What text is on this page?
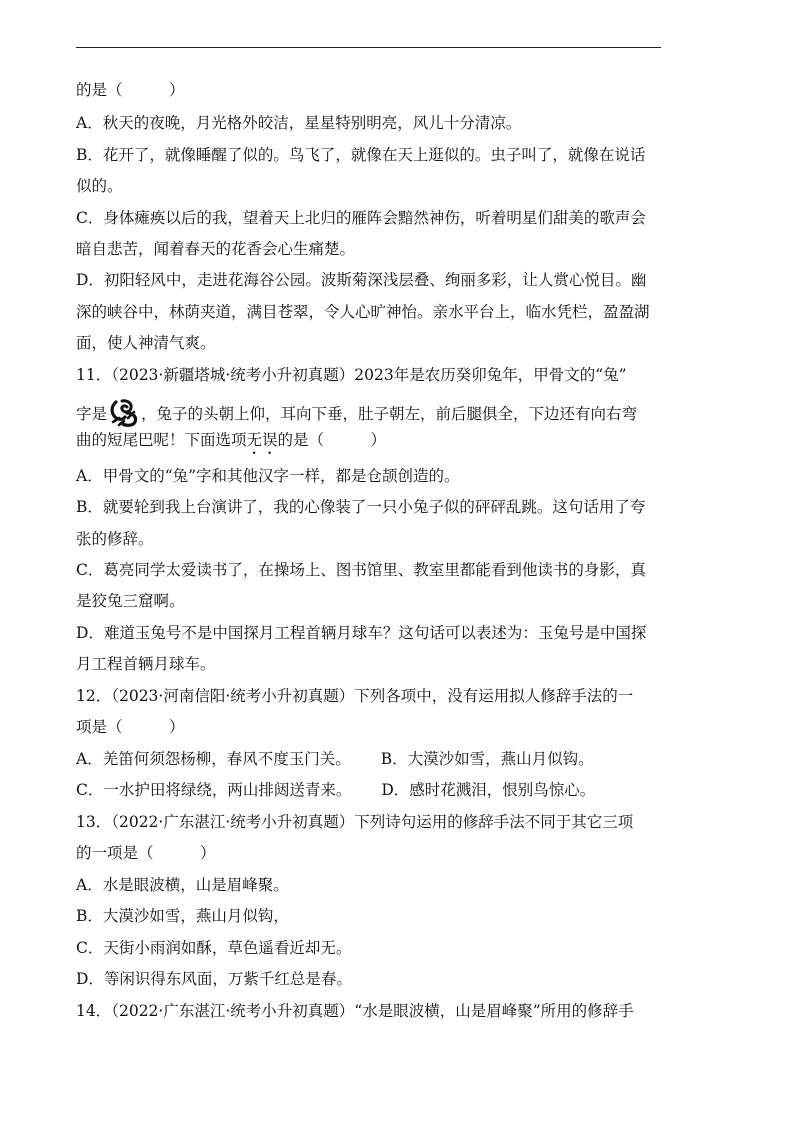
的是（　　　）
A．秋天的夜晚，月光格外皎洁，星星特别明亮，风儿十分清凉。
B．花开了，就像睡醒了似的。鸟飞了，就像在天上逛似的。虫子叫了，就像在说话
似的。
C．身体瘫痪以后的我，望着天上北归的雁阵会黯然神伤，听着明星们甜美的歌声会
暗自悲苦，闻着春天的花香会心生痛楚。
D．初阳轻风中，走进花海谷公园。波斯菊深浅层叠、绚丽多彩，让人赏心悦目。幽
深的峡谷中，林荫夹道，满目苍翠，令人心旷神怡。亲水平台上，临水凭栏，盈盈湖
面，使人神清气爽。
11．（2023·新疆塔城·统考小升初真题）2023年是农历癸卯兔年，甲骨文的“兔”
字是 ，兔子的头朝上仰，耳向下垂，肚子朝左，前后腿俱全，下边还有向右弯
曲的短尾巴呢！下面选项无误的是（　　　）
A．甲骨文的“兔”字和其他汉字一样，都是仓颉创造的。
B．就要轮到我上台演讲了，我的心像装了一只小兔子似的砰砰乱跳。这句话用了夸
张的修辞。
C．葛亮同学太爱读书了，在操场上、图书馆里、教室里都能看到他读书的身影，真
是狡兔三窟啊。
D．难道玉兔号不是中国探月工程首辆月球车？这句话可以表述为：玉兔号是中国探
月工程首辆月球车。
12．（2023·河南信阳·统考小升初真题）下列各项中，没有运用拟人修辞手法的一
项是（　　　）
A．羌笛何须怨杨柳，春风不度玉门关。 B．大漠沙如雪，燕山月似钩。
C．一水护田将绿绕，两山排闼送青来。 D．感时花溅泪，恨别鸟惊心。
13．（2022·广东湛江·统考小升初真题）下列诗句运用的修辞手法不同于其它三项
的一项是（　　　）
A．水是眼波横，山是眉峰聚。
B．大漠沙如雪，燕山月似钩，
C．天街小雨润如酥，草色遥看近却无。
D．等闲识得东风面，万紫千红总是春。
14．（2022·广东湛江·统考小升初真题）“水是眼波横，山是眉峰聚”所用的修辞手
